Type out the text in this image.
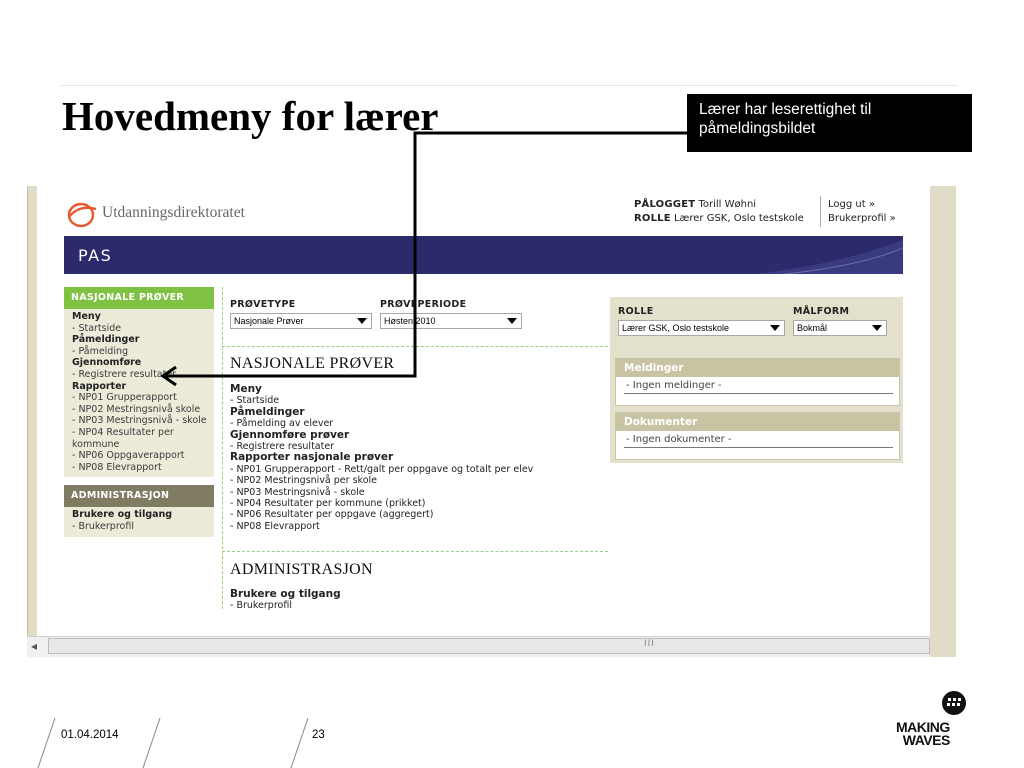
Hovedmeny for lærer	Lærer har leserettighet til påmeldingsbildet
Utdanningsdirektoratet	PÅLOGGET Torill Wøhni
ROLLE Lærer GSK, Oslo testskole
Logg ut »
Brukerprofil »
PAS
NASJONALE PRØVER
Meny
- Startside
Påmeldinger
- Påmelding
Gjennomføre
- Registrere resultater
Rapporter
- NP01 Grupperapport
- NP02 Mestringsnivå skole
- NP03 Mestringsnivå - skole
- NP04 Resultater per kommune
- NP06 Oppgaverapport
- NP08 Elevrapport
ADMINISTRASJON
Brukere og tilgang
- Brukerprofil
PRØVETYPE
Nasjonale Prøver
PRØVEPERIODE
Høsten 2010
NASJONALE PRØVER
Meny
- Startside
Påmeldinger
- Påmelding av elever
Gjennomføre prøver
- Registrere resultater
Rapporter nasjonale prøver
- NP01 Grupperapport - Rett/galt per oppgave og totalt per elev
- NP02 Mestringsnivå per skole
- NP03 Mestringsnivå - skole
- NP04 Resultater per kommune (prikket)
- NP06 Resultater per oppgave (aggregert)
- NP08 Elevrapport
ADMINISTRASJON
Brukere og tilgang
- Brukerprofil
ROLLE
Lærer GSK, Oslo testskole
MÅLFORM
Bokmål
Meldinger
- Ingen meldinger -
Dokumenter
- Ingen dokumenter -
◂	III
01.04.2014	23	MAKING
WAVES
